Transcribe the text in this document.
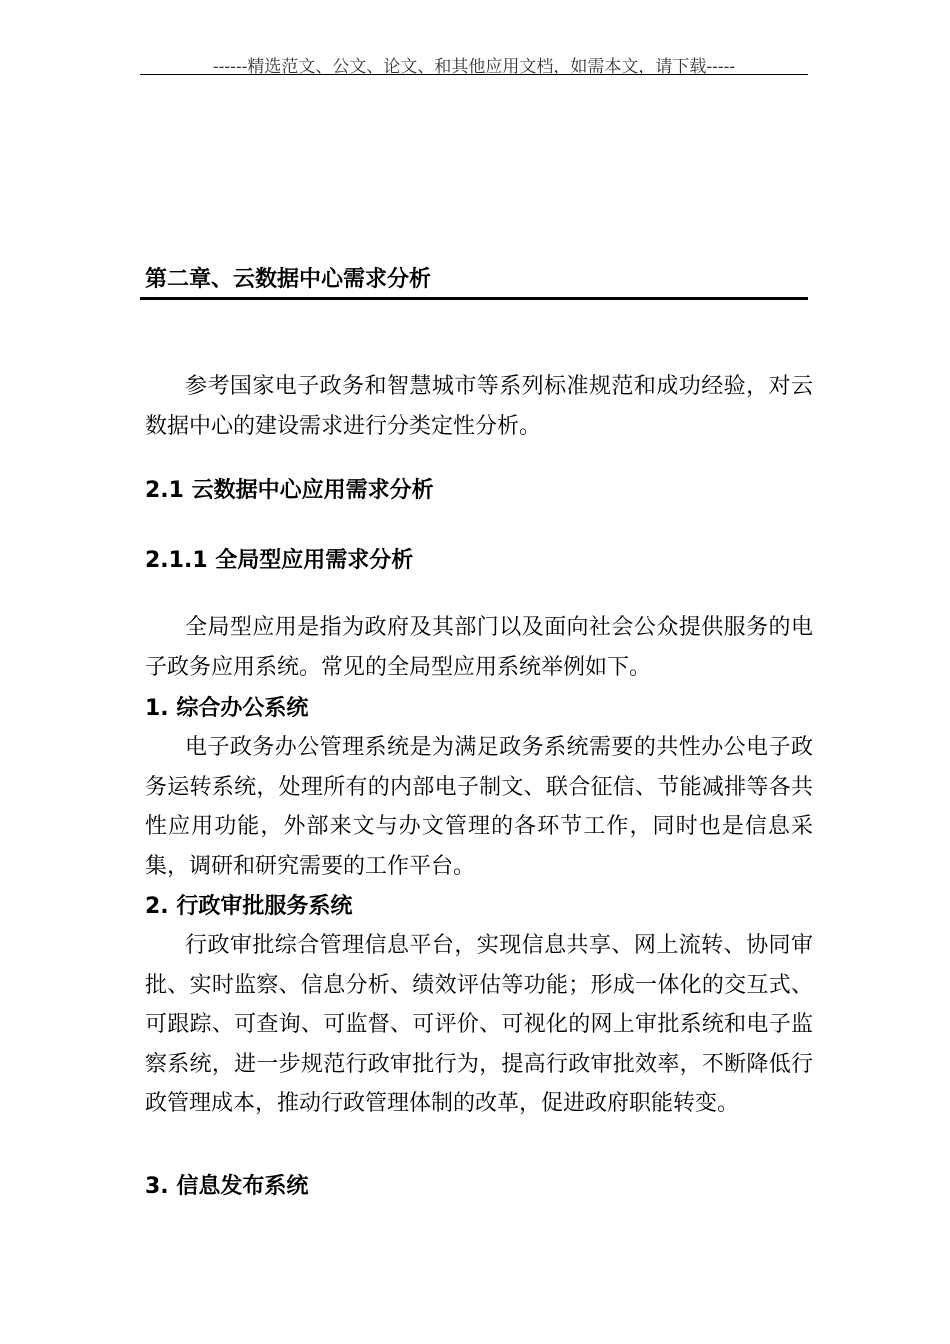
------精选范文、公文、论文、和其他应用文档，如需本文，请下载-----
第二章、云数据中心需求分析

参考国家电子政务和智慧城市等系列标准规范和成功经验，对云数据中心的建设需求进行分类定性分析。

2.1 云数据中心应用需求分析
2.1.1 全局型应用需求分析

全局型应用是指为政府及其部门以及面向社会公众提供服务的电子政务应用系统。常见的全局型应用系统举例如下。

1. 综合办公系统

电子政务办公管理系统是为满足政务系统需要的共性办公电子政务运转系统，处理所有的内部电子制文、联合征信、节能减排等各共性应用功能，外部来文与办文管理的各环节工作，同时也是信息采集，调研和研究需要的工作平台。

2. 行政审批服务系统

行政审批综合管理信息平台，实现信息共享、网上流转、协同审批、实时监察、信息分析、绩效评估等功能；形成一体化的交互式、可跟踪、可查询、可监督、可评价、可视化的网上审批系统和电子监察系统，进一步规范行政审批行为，提高行政审批效率，不断降低行政管理成本，推动行政管理体制的改革，促进政府职能转变。

3. 信息发布系统
